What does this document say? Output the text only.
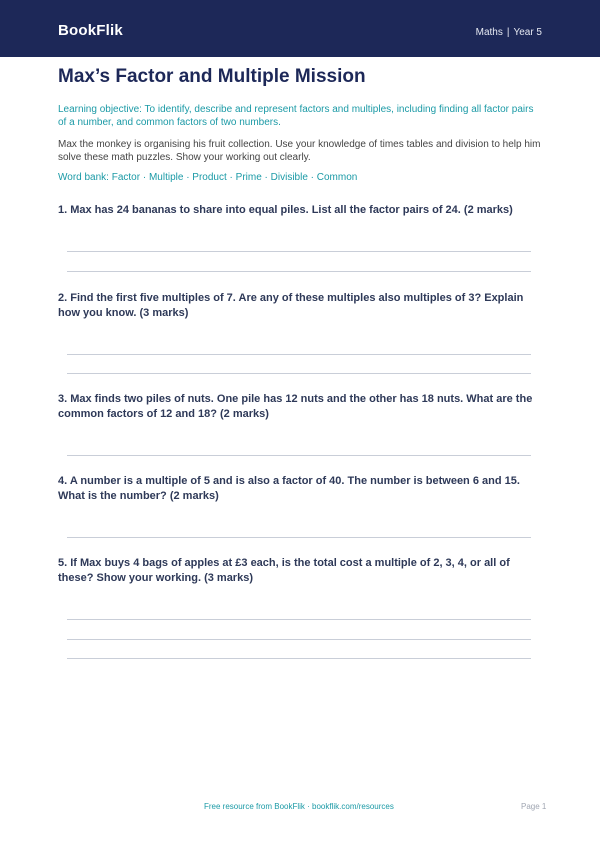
BookFlik	Maths | Year 5
Max’s Factor and Multiple Mission
Learning objective: To identify, describe and represent factors and multiples, including finding all factor pairs of a number, and common factors of two numbers.
Max the monkey is organising his fruit collection. Use your knowledge of times tables and division to help him solve these math puzzles. Show your working out clearly.
Word bank: Factor · Multiple · Product · Prime · Divisible · Common
1. Max has 24 bananas to share into equal piles. List all the factor pairs of 24. (2 marks)
2. Find the first five multiples of 7. Are any of these multiples also multiples of 3? Explain how you know. (3 marks)
3. Max finds two piles of nuts. One pile has 12 nuts and the other has 18 nuts. What are the common factors of 12 and 18? (2 marks)
4. A number is a multiple of 5 and is also a factor of 40. The number is between 6 and 15. What is the number? (2 marks)
5. If Max buys 4 bags of apples at £3 each, is the total cost a multiple of 2, 3, 4, or all of these? Show your working. (3 marks)
Free resource from BookFlik · bookflik.com/resources	Page 1
